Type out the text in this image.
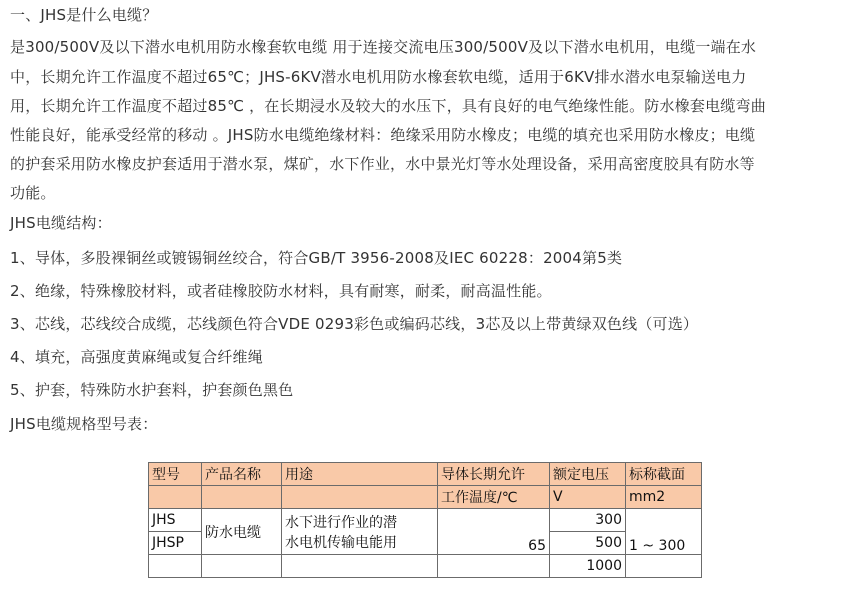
一、JHS是什么电缆？
是300/500V及以下潜水电机用防水橡套软电缆 用于连接交流电压300/500V及以下潜水电机用，电缆一端在水
中，长期允许工作温度不超过65℃；JHS-6KV潜水电机用防水橡套软电缆，适用于6KV排水潜水电泵输送电力
用，长期允许工作温度不超过85℃ ，在长期浸水及较大的水压下，具有良好的电气绝缘性能。防水橡套电缆弯曲
性能良好，能承受经常的移动 。JHS防水电缆绝缘材料：绝缘采用防水橡皮；电缆的填充也采用防水橡皮；电缆
的护套采用防水橡皮护套适用于潜水泵，煤矿，水下作业，水中景光灯等水处理设备，采用高密度胶具有防水等
功能。
JHS电缆结构：
1、导体，多股裸铜丝或镀锡铜丝绞合，符合GB/T 3956-2008及IEC 60228：2004第5类
2、绝缘，特殊橡胶材料，或者硅橡胶防水材料，具有耐寒，耐柔，耐高温性能。
3、芯线，芯线绞合成缆，芯线颜色符合VDE 0293彩色或编码芯线，3芯及以上带黄绿双色线（可选）
4、填充，高强度黄麻绳或复合纤维绳
5、护套，特殊防水护套料，护套颜色黑色
JHS电缆规格型号表：
型号	产品名称	用途	导体长期允许	额定电压	标称截面
			工作温度/℃	V	mm2
JHS	防水电缆	水下进行作业的潜
水电机传输电能用	65	300	1 ~ 300
JHSP				500	
				1000	
